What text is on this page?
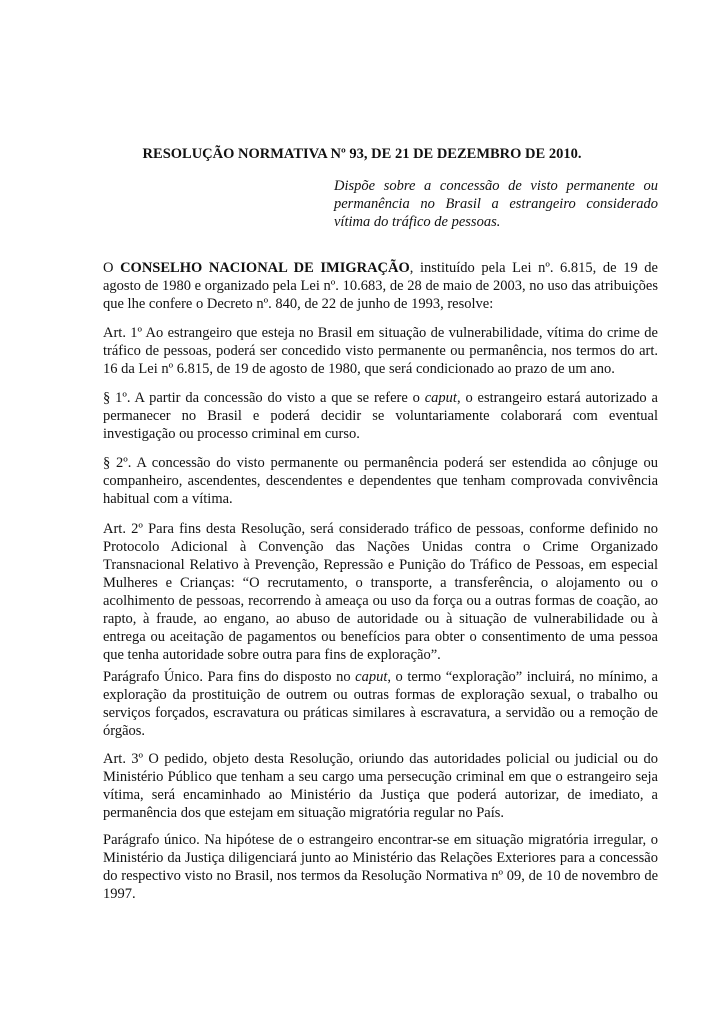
RESOLUÇÃO NORMATIVA Nº 93, DE 21 DE DEZEMBRO DE 2010.

Dispõe sobre a concessão de visto permanente ou permanência no Brasil a estrangeiro considerado vítima do tráfico de pessoas.

O CONSELHO NACIONAL DE IMIGRAÇÃO, instituído pela Lei nº. 6.815, de 19 de agosto de 1980 e organizado pela Lei nº. 10.683, de 28 de maio de 2003, no uso das atribuições que lhe confere o Decreto nº. 840, de 22 de junho de 1993, resolve:

Art. 1º Ao estrangeiro que esteja no Brasil em situação de vulnerabilidade, vítima do crime de tráfico de pessoas, poderá ser concedido visto permanente ou permanência, nos termos do art. 16 da Lei nº 6.815, de 19 de agosto de 1980, que será condicionado ao prazo de um ano.

§ 1º. A partir da concessão do visto a que se refere o caput, o estrangeiro estará autorizado a permanecer no Brasil e poderá decidir se voluntariamente colaborará com eventual investigação ou processo criminal em curso.

§ 2º. A concessão do visto permanente ou permanência poderá ser estendida ao cônjuge ou companheiro, ascendentes, descendentes e dependentes que tenham comprovada convivência habitual com a vítima.

Art. 2º Para fins desta Resolução, será considerado tráfico de pessoas, conforme definido no Protocolo Adicional à Convenção das Nações Unidas contra o Crime Organizado Transnacional Relativo à Prevenção, Repressão e Punição do Tráfico de Pessoas, em especial Mulheres e Crianças: “O recrutamento, o transporte, a transferência, o alojamento ou o acolhimento de pessoas, recorrendo à ameaça ou uso da força ou a outras formas de coação, ao rapto, à fraude, ao engano, ao abuso de autoridade ou à situação de vulnerabilidade ou à entrega ou aceitação de pagamentos ou benefícios para obter o consentimento de uma pessoa que tenha autoridade sobre outra para fins de exploração”.

Parágrafo Único. Para fins do disposto no caput, o termo “exploração” incluirá, no mínimo, a exploração da prostituição de outrem ou outras formas de exploração sexual, o trabalho ou serviços forçados, escravatura ou práticas similares à escravatura, a servidão ou a remoção de órgãos.

Art. 3º O pedido, objeto desta Resolução, oriundo das autoridades policial ou judicial ou do Ministério Público que tenham a seu cargo uma persecução criminal em que o estrangeiro seja vítima, será encaminhado ao Ministério da Justiça que poderá autorizar, de imediato, a permanência dos que estejam em situação migratória regular no País.

Parágrafo único. Na hipótese de o estrangeiro encontrar-se em situação migratória irregular, o Ministério da Justiça diligenciará junto ao Ministério das Relações Exteriores para a concessão do respectivo visto no Brasil, nos termos da Resolução Normativa nº 09, de 10 de novembro de 1997.
